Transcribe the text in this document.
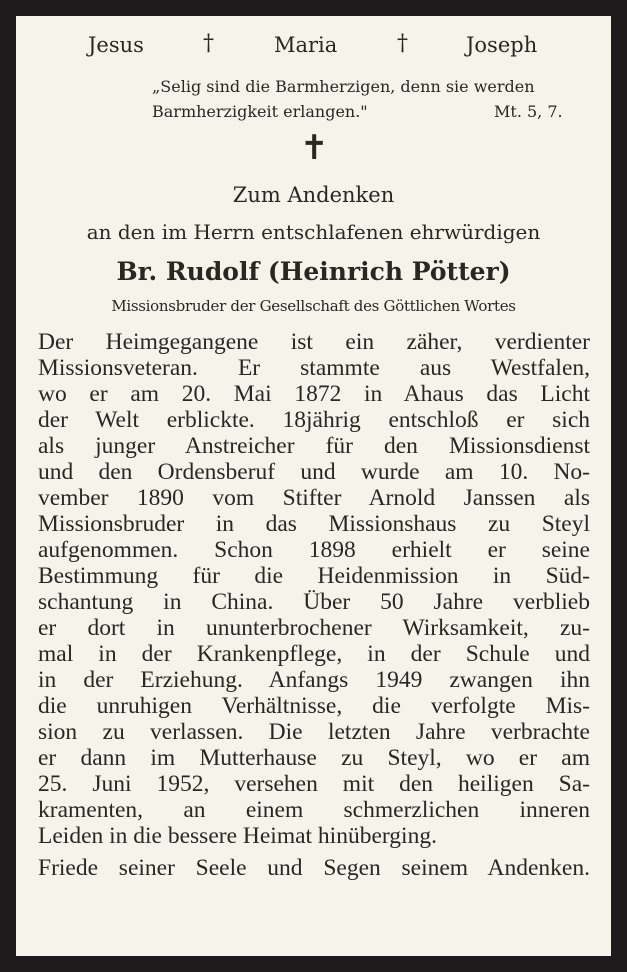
Jesus	†	Maria	†	Joseph
„Selig sind die Barmherzigen, denn sie werden
Barmherzigkeit erlangen."	Mt. 5, 7.
✝
Zum Andenken
an den im Herrn entschlafenen ehrwürdigen
Br. Rudolf (Heinrich Pötter)
Missionsbruder der Gesellschaft des Göttlichen Wortes
Der Heimgegangene ist ein zäher, verdienter
Missionsveteran. Er stammte aus Westfalen,
wo er am 20. Mai 1872 in Ahaus das Licht
der Welt erblickte. 18jährig entschloß er sich
als junger Anstreicher für den Missionsdienst
und den Ordensberuf und wurde am 10. No-
vember 1890 vom Stifter Arnold Janssen als
Missionsbruder in das Missionshaus zu Steyl
aufgenommen. Schon 1898 erhielt er seine
Bestimmung für die Heidenmission in Süd-
schantung in China. Über 50 Jahre verblieb
er dort in ununterbrochener Wirksamkeit, zu-
mal in der Krankenpflege, in der Schule und
in der Erziehung. Anfangs 1949 zwangen ihn
die unruhigen Verhältnisse, die verfolgte Mis-
sion zu verlassen. Die letzten Jahre verbrachte
er dann im Mutterhause zu Steyl, wo er am
25. Juni 1952, versehen mit den heiligen Sa-
kramenten, an einem schmerzlichen inneren
Leiden in die bessere Heimat hinüberging.
Friede seiner Seele und Segen seinem Andenken.
